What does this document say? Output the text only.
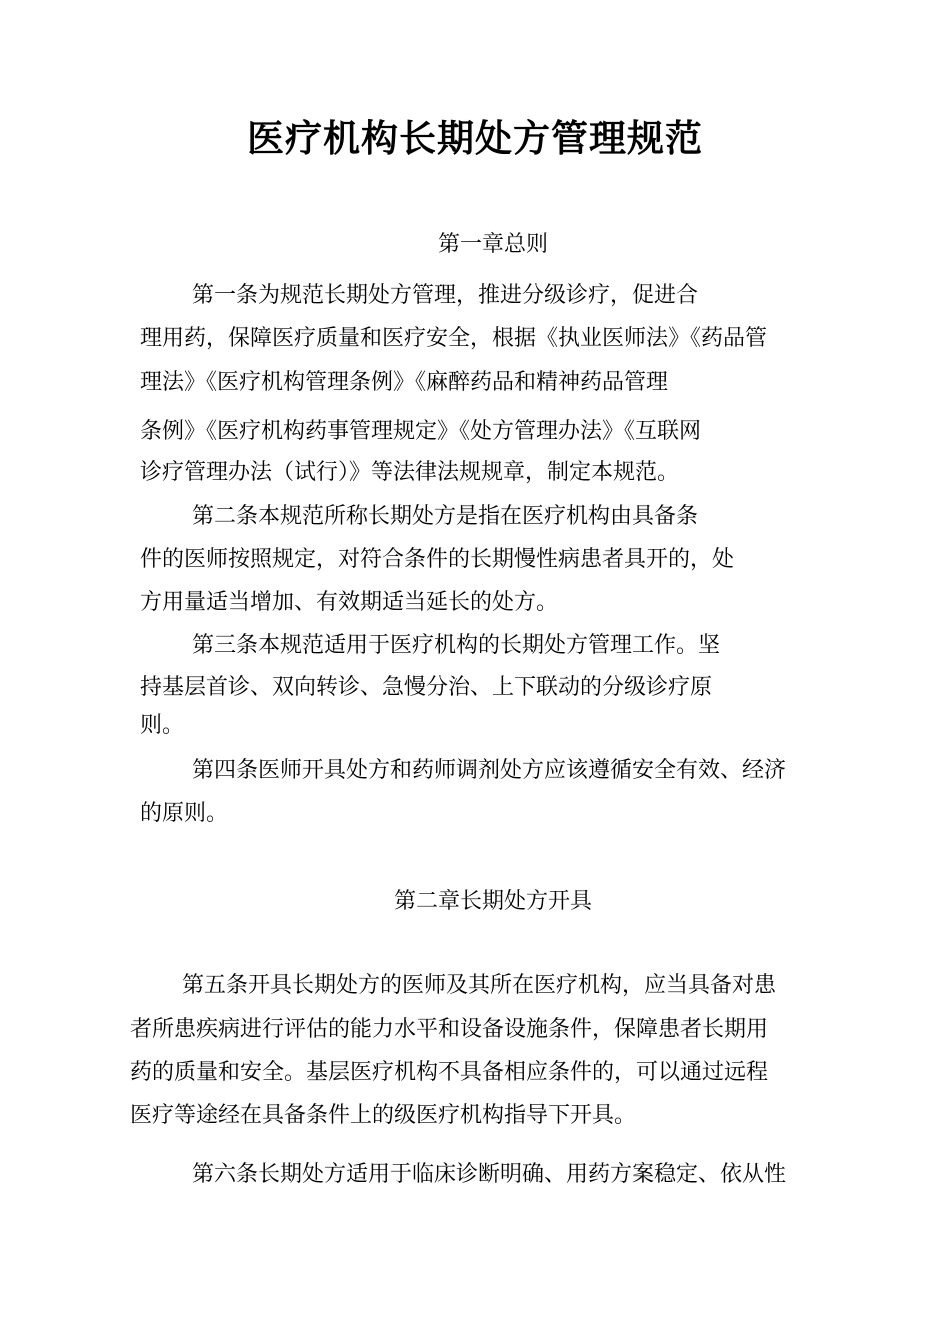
医疗机构长期处方管理规范
第一章总则
第一条为规范长期处方管理，推进分级诊疗，促进合
理用药，保障医疗质量和医疗安全，根据《执业医师法》《药品管
理法》《医疗机构管理条例》《麻醉药品和精神药品管理
条例》《医疗机构药事管理规定》《处方管理办法》《互联网
诊疗管理办法（试行）》等法律法规规章，制定本规范。
第二条本规范所称长期处方是指在医疗机构由具备条
件的医师按照规定，对符合条件的长期慢性病患者具开的，处
方用量适当增加、有效期适当延长的处方。
第三条本规范适用于医疗机构的长期处方管理工作。坚
持基层首诊、双向转诊、急慢分治、上下联动的分级诊疗原
则。
第四条医师开具处方和药师调剂处方应该遵循安全有效、经济
的原则。
第二章长期处方开具
第五条开具长期处方的医师及其所在医疗机构，应当具备对患
者所患疾病进行评估的能力水平和设备设施条件，保障患者长期用
药的质量和安全。基层医疗机构不具备相应条件的，可以通过远程
医疗等途经在具备条件上的级医疗机构指导下开具。
第六条长期处方适用于临床诊断明确、用药方案稳定、依从性
